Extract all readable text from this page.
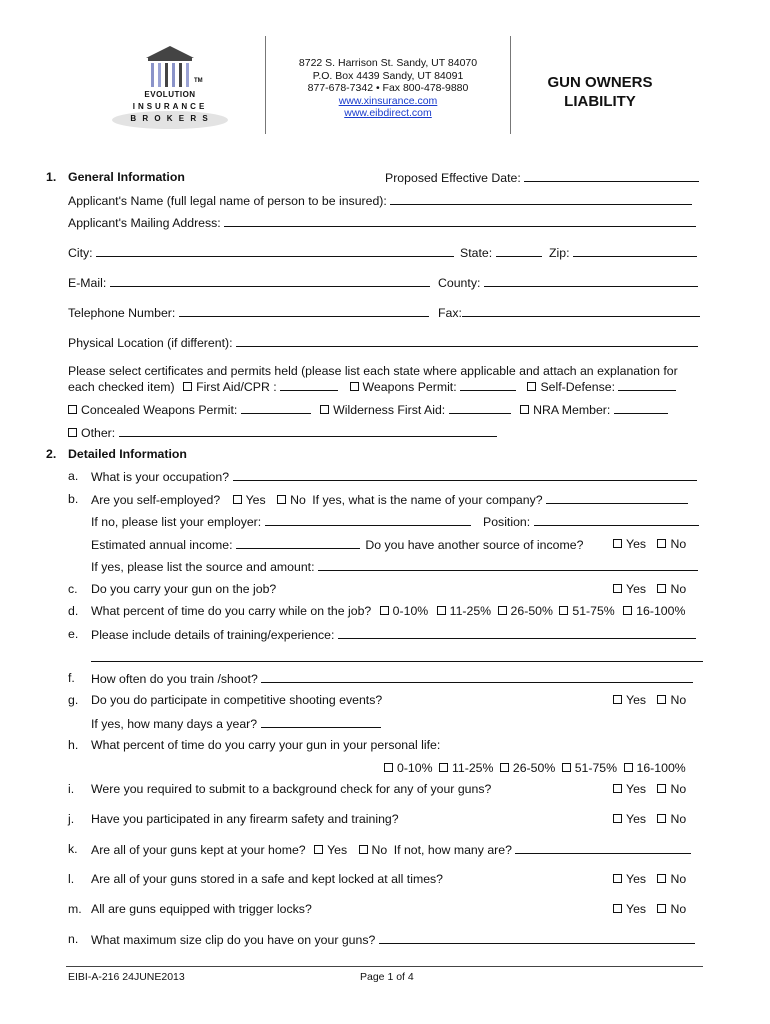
TM
EVOLUTION
INSURANCE
B R O K E R S
8722 S. Harrison St. Sandy, UT 84070
P.O. Box 4439 Sandy, UT 84091
877-678-7342 • Fax 800-478-9880
www.xinsurance.com
www.eibdirect.com
GUN OWNERS
LIABILITY
1. General Information	Proposed Effective Date:
Applicant's Name (full legal name of person to be insured):
Applicant's Mailing Address:
City:	State:	Zip:
E-Mail:	County:
Telephone Number:	Fax:
Physical Location (if different):
Please select certificates and permits held (please list each state where applicable and attach an explanation for
each checked item) First Aid/CPR :	Weapons Permit:	Self-Defense:
Concealed Weapons Permit:	Wilderness First Aid:	NRA Member:
Other:
2. Detailed Information
a. What is your occupation?
b. Are you self-employed? Yes No If yes, what is the name of your company?
If no, please list your employer:	Position:
Estimated annual income:	Do you have another source of income?	Yes No
If yes, please list the source and amount:
c. Do you carry your gun on the job?	Yes No
d. What percent of time do you carry while on the job? 0-10% 11-25% 26-50% 51-75% 16-100%
e. Please include details of training/experience:
f. How often do you train /shoot?
g. Do you do participate in competitive shooting events?	Yes No
If yes, how many days a year?
h. What percent of time do you carry your gun in your personal life:
0-10% 11-25% 26-50% 51-75% 16-100%
i. Were you required to submit to a background check for any of your guns?	Yes No
j. Have you participated in any firearm safety and training?	Yes No
k. Are all of your guns kept at your home? Yes No If not, how many are?
l. Are all of your guns stored in a safe and kept locked at all times?	Yes No
m. All are guns equipped with trigger locks?	Yes No
n. What maximum size clip do you have on your guns?
EIBI-A-216 24JUNE2013	Page 1 of 4
